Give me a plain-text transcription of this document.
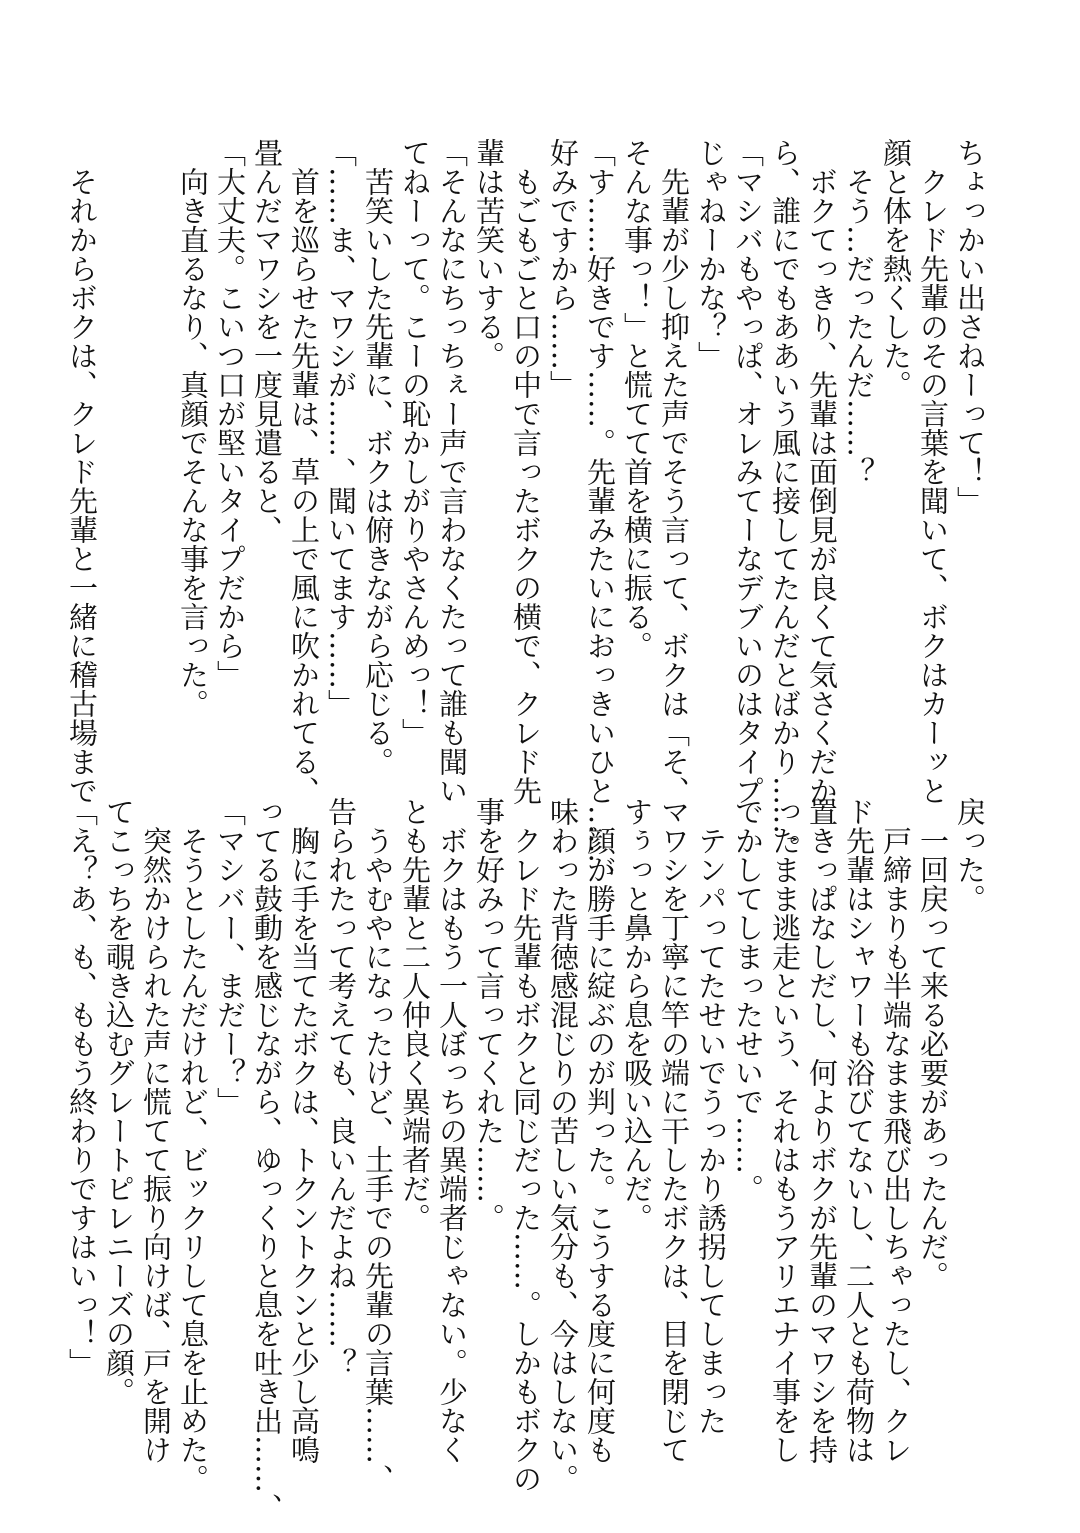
ちょっかい出さねーって！」
　クレド先輩のその言葉を聞いて、ボクはカーッと
顔と体を熱くした。
　そう…だったんだ……？
　ボクてっきり、先輩は面倒見が良くて気さくだか
ら、誰にでもああいう風に接してたんだとばかり……。
「マシバもやっぱ、オレみてーなデブいのはタイプ
じゃねーかな？」
　先輩が少し抑えた声でそう言って、ボクは「そ、
そんな事っ！」と慌てて首を横に振る。
「す……好きです……。先輩みたいにおっきいひと……、
好みですから……」
　もごもごと口の中で言ったボクの横で、クレド先
輩は苦笑いする。
「そんなにちっちぇー声で言わなくたって誰も聞い
てねーって。こーの恥かしがりやさんめっ！」
　苦笑いした先輩に、ボクは俯きながら応じる。
「……ま、マワシが……、聞いてます……」
　首を巡らせた先輩は、草の上で風に吹かれてる、
畳んだマワシを一度見遣ると、
「大丈夫。こいつ口が堅いタイプだから」
　向き直るなり、真顔でそんな事を言った。

　それからボクは、クレド先輩と一緒に稽古場まで
戻った。
　一回戻って来る必要があったんだ。
　戸締まりも半端なまま飛び出しちゃったし、クレ
ド先輩はシャワーも浴びてないし、二人とも荷物は
置きっぱなしだし、何よりボクが先輩のマワシを持
ったまま逃走という、それはもうアリエナイ事をし
でかしてしまったせいで……。
　テンパってたせいでうっかり誘拐してしまった
マワシを丁寧に竿の端に干したボクは、目を閉じて
すぅっと鼻から息を吸い込んだ。
　顔が勝手に綻ぶのが判った。こうする度に何度も
味わった背徳感混じりの苦しい気分も、今はしない。
　クレド先輩もボクと同じだった……。しかもボクの
事を好みって言ってくれた……。
　ボクはもう一人ぼっちの異端者じゃない。少なく
とも先輩と二人仲良く異端者だ。
　うやむやになったけど、土手での先輩の言葉……、
告られたって考えても、良いんだよね……？
　胸に手を当てたボクは、トクントクンと少し高鳴
ってる鼓動を感じながら、ゆっくりと息を吐き出……、
「マシバー、まだー？」
　そうとしたんだけれど、ビックリして息を止めた。
　突然かけられた声に慌てて振り向けば、戸を開け
てこっちを覗き込むグレートピレニーズの顔。
「え？あ、も、ももう終わりですはいっ！」
